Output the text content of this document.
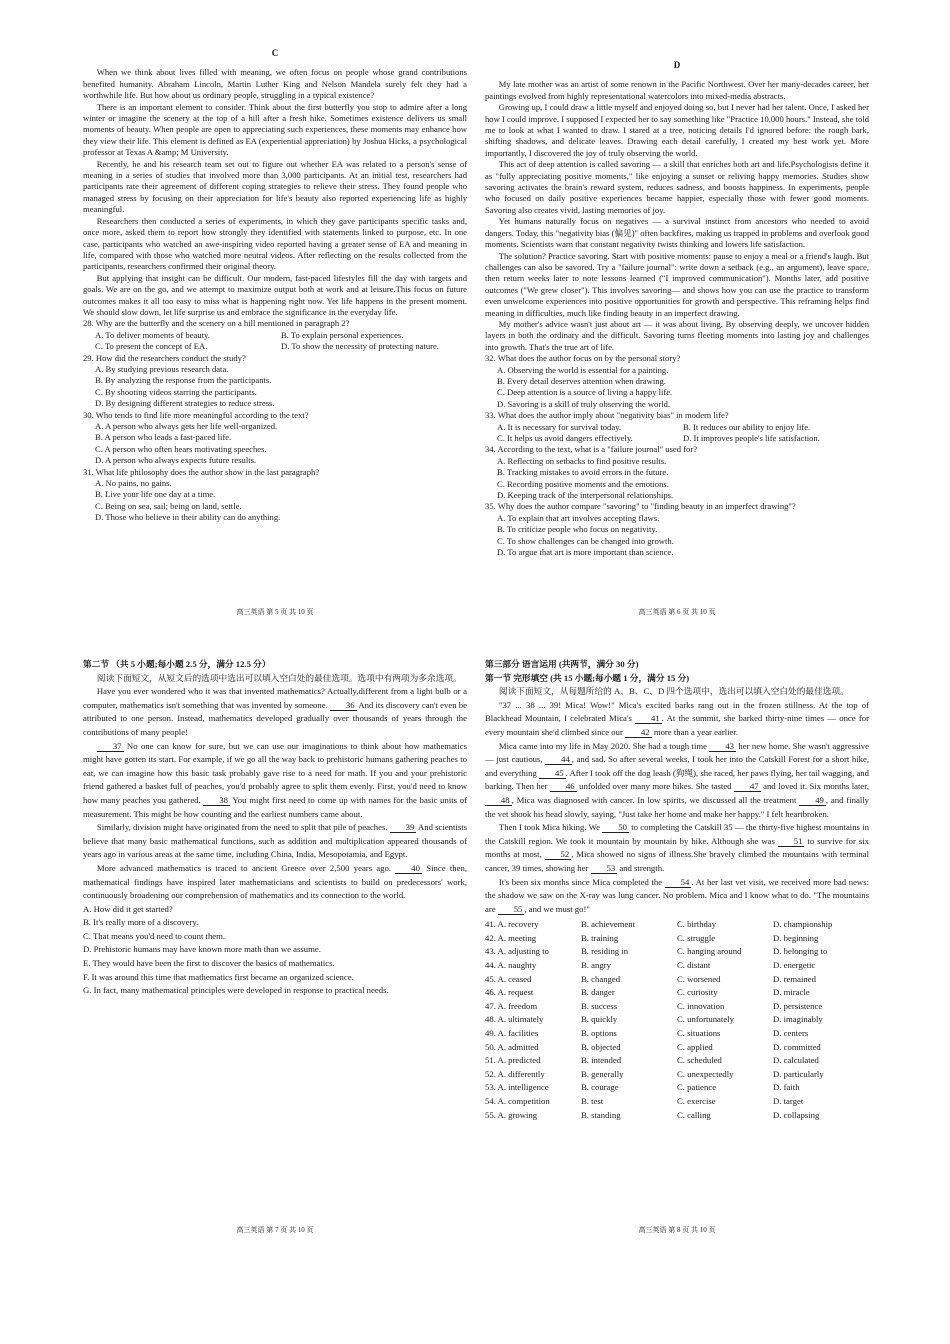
C

When we think about lives filled with meaning, we often focus on people whose grand contributions benefited humanity. Abraham Lincoln, Martin Luther King and Nelson Mandela surely felt they had a worthwhile life. But how about us ordinary people, struggling in a typical existence?

There is an important element to consider. Think about the first butterfly you stop to admire after a long winter or imagine the scenery at the top of a hill after a fresh hike. Sometimes existence delivers us small moments of beauty. When people are open to appreciating such experiences, these moments may enhance how they view their life. This element is defined as EA (experiential appreciation) by Joshua Hicks, a psychological professor at Texas A &amp; M University.

Recently, he and his research team set out to figure out whether EA was related to a person's sense of meaning in a series of studies that involved more than 3,000 participants. At an initial test, researchers had participants rate their agreement of different coping strategies to relieve their stress. They found people who managed stress by focusing on their appreciation for life's beauty also reported experiencing life as highly meaningful.

Researchers then conducted a series of experiments, in which they gave participants specific tasks and, once more, asked them to report how strongly they identified with statements linked to purpose, etc. In one case, participants who watched an awe-inspiring video reported having a greater sense of EA and meaning in life, compared with those who watched more neutral videos. After reflecting on the results collected from the participants, researchers confirmed their original theory.

But applying that insight can be difficult. Our modern, fast-paced lifestyles fill the day with targets and goals. We are on the go, and we attempt to maximize output both at work and at leisure.This focus on future outcomes makes it all too easy to miss what is happening right now. Yet life happens in the present moment. We should slow down, let life surprise us and embrace the significance in the everyday life.

28. Why are the butterfly and the scenery on a hill mentioned in paragraph 2?

A. To deliver moments of beauty.	B. To explain personal experiences.
C. To present the concept of EA.	D. To show the necessity of protecting nature.

29. How did the researchers conduct the study?

A. By studying previous research data.

B. By analyzing the response from the participants.

C. By shooting videos starring the participants.

D. By designing different strategies to reduce stress.

30. Who tends to find life more meaningful according to the text?

A. A person who always gets her life well-organized.

B. A person who leads a fast-paced life.

C. A person who often hears motivating speeches.

D. A person who always expects future results.

31. What life philosophy does the author show in the last paragraph?

A. No pains, no gains.

B. Live your life one day at a time.

C. Being on sea, sail; being on land, settle.

D. Those who believe in their ability can do anything.

高三英语 第 5 页 共 10 页
D

My late mother was an artist of some renown in the Pacific Northwest. Over her many-decades career, her paintings evolved from highly representational watercolors into mixed-media abstracts.

Growing up, I could draw a little myself and enjoyed doing so, but I never had her talent. Once, I asked her how I could improve. I supposed I expected her to say something like "Practice 10,000 hours." Instead, she told me to look at what I wanted to draw. I stared at a tree, noticing details I'd ignored before: the rough bark, shifting shadows, and delicate leaves. Drawing each detail carefully, I created my best work yet. More importantly, I discovered the joy of truly observing the world.

This act of deep attention is called savoring — a skill that enriches both art and life.Psychologists define it as "fully appreciating positive moments," like enjoying a sunset or reliving happy memories. Studies show savoring activates the brain's reward system, reduces sadness, and boosts happiness. In experiments, people who focused on daily positive experiences became happier, especially those with fewer good moments. Savoring also creates vivid, lasting memories of joy.

Yet humans naturally focus on negatives — a survival instinct from ancestors who needed to avoid dangers. Today, this "negativity bias (偏见)" often backfires, making us trapped in problems and overlook good moments. Scientists warn that constant negativity twists thinking and lowers life satisfaction.

The solution? Practice savoring. Start with positive moments: pause to enjoy a meal or a friend's laugh. But challenges can also be savored. Try a "failure journal": write down a setback (e.g., an argument), leave space, then return weeks later to note lessons learned ("I improved communication"). Months later, add positive outcomes ("We grew closer"). This involves savoring— and shows how you can use the practice to transform even unwelcome experiences into positive opportunities for growth and perspective. This reframing helps find meaning in difficulties, much like finding beauty in an imperfect drawing.

My mother's advice wasn't just about art — it was about living. By observing deeply, we uncover hidden layers in both the ordinary and the difficult. Savoring turns fleeting moments into lasting joy and challenges into growth. That's the true art of life.

32. What does the author focus on by the personal story?

A. Observing the world is essential for a painting.

B. Every detail deserves attention when drawing.

C. Deep attention is a source of living a happy life.

D. Savoring is a skill of truly observing the world.

33. What does the author imply about "negativity bias" in modern life?

A. It is necessary for survival today.	B. It reduces our ability to enjoy life.
C. It helps us avoid dangers effectively.	D. It improves people's life satisfaction.

34. According to the text, what is a "failure journal" used for?

A. Reflecting on setbacks to find positive results.

B. Tracking mistakes to avoid errors in the future.

C. Recording positive moments and the emotions.

D. Keeping track of the interpersonal relationships.

35. Why does the author compare "savoring" to "finding beauty in an imperfect drawing"?

A. To explain that art involves accepting flaws.

B. To criticize people who focus on negativity.

C. To show challenges can be changed into growth.

D. To argue that art is more important than science.

高三英语 第 6 页 共 10 页

第二节 （共 5 小题;每小题 2.5 分，满分 12.5 分）

阅读下面短文，从短文后的选项中选出可以填入空白处的最佳选项。选项中有两项为多余选项。

Have you ever wondered who it was that invented mathematics? Actually,different from a light bulb or a computer, mathematics isn't something that was invented by someone. 36 And its discovery can't even be attributed to one person. Instead, mathematics developed gradually over thousands of years through the contributions of many people!

37 No one can know for sure, but we can use our imaginations to think about how mathematics might have gotten its start. For example, if we go all the way back to prehistoric humans gathering peaches to eat, we can imagine how this basic task probably gave rise to a need for math. If you and your prehistoric friend gathered a basket full of peaches, you'd probably agree to split them evenly. First, you'd need to know how many peaches you gathered. 38 You might first need to come up with names for the basic units of measurement. This might be how counting and the earliest numbers came about.

Similarly, division might have originated from the need to split that pile of peaches. 39 And scientists believe that many basic mathematical functions, such as addition and multiplication appeared thousands of years ago in various areas at the same time, including China, India, Mesopotamia, and Egypt.

More advanced mathematics is traced to ancient Greece over 2,500 years ago. 40 Since then, mathematical findings have inspired later mathematicians and scientists to build on predecessors' work, continuously broadening our comprehension of mathematics and its connection to the world.

A. How did it get started?

B. It's really more of a discovery.

C. That means you'd need to count them.

D. Prehistoric humans may have known more math than we assume.

E. They would have been the first to discover the basics of mathematics.

F. It was around this time that mathematics first became an organized science.

G. In fact, many mathematical principles were developed in response to practical needs.

高三英语 第 7 页 共 10 页

第三部分 语言运用 (共两节，满分 30 分)

第一节 完形填空 (共 15 小题;每小题 1 分，满分 15 分)

阅读下面短文，从每题所给的 A、B、C、D 四个选项中，选出可以填入空白处的最佳选项。

"37 ... 38 ... 39! Mica! Wow!" Mica's excited barks rang out in the frozen stillness. At the top of Blackhead Mountain, I celebrated Mica's 41 . At the summit, she barked thirty-nine times — once for every mountain she'd climbed since our 42 more than a year earlier.

Mica came into my life in May 2020. She had a tough time 43 her new home. She wasn't aggressive — just cautious, 44 , and sad. So after several weeks, I took her into the Catskill Forest for a short hike, and everything 45 . After I took off the dog leash (狗绳), she raced, her paws flying, her tail wagging, and barking. Then her 46 unfolded over many more hikes. She tasted 47 and loved it. Six months later, 48 , Mica was diagnosed with cancer. In low spirits, we discussed all the treatment 49 , and finally the vet shook his head slowly, saying, "Just take her home and make her happy." I felt heartbroken.

Then I took Mica hiking. We 50 to completing the Catskill 35 — the thirty-five highest mountains in the Catskill region. We took it mountain by mountain by hike. Although she was 51 to survive for six months at most, 52 , Mica showed no signs of illness.She bravely climbed the mountains with terminal cancer, 39 times, showing her 53 and strength.

It's been six months since Mica completed the 54 . At her last vet visit, we received more bad news: the shadow we saw on the X-ray was lung cancer. No problem. Mica and I know what to do. "The mountains are 55 , and we must go!"

41. A. recovery	B. achievement	C. birthday	D. championship
42. A. meeting	B. training	C. struggle	D. beginning
43. A. adjusting to	B. residing in	C. hanging around	D. belonging to
44. A. naughty	B. angry	C. distant	D. energetic
45. A. ceased	B. changed	C. worsened	D. remained
46. A. request	B. danger	C. curiosity	D. miracle
47. A. freedom	B. success	C. innovation	D. persistence
48. A. ultimately	B. quickly	C. unfortunately	D. imaginably
49. A. facilities	B. options	C. situations	D. centers
50. A. admitted	B. objected	C. applied	D. committed
51. A. predicted	B. intended	C. scheduled	D. calculated
52. A. differently	B. generally	C. unexpectedly	D. particularly
53. A. intelligence	B. courage	C. patience	D. faith
54. A. competition	B. test	C. exercise	D. target
55. A. growing	B. standing	C. calling	D. collapsing
高三英语 第 8 页 共 10 页
